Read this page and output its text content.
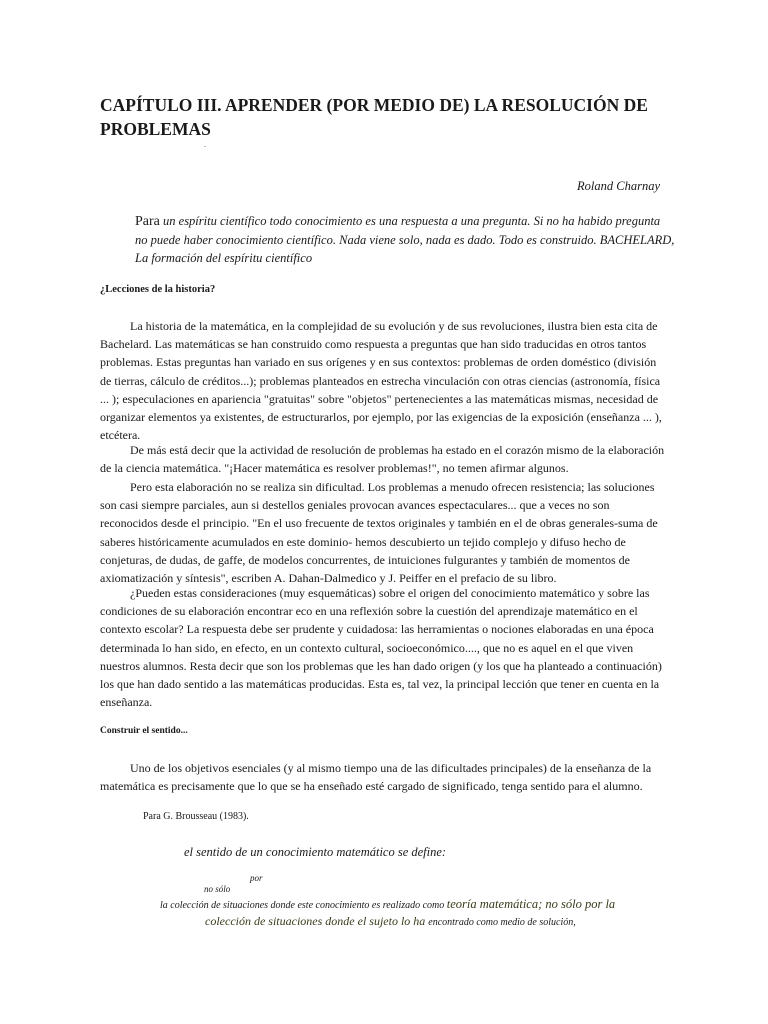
CAPÍTULO III. APRENDER (POR MEDIO DE) LA RESOLUCIÓN DE PROBLEMAS
.

Roland Charnay

Para un espíritu científico todo conocimiento es una respuesta a una pregunta. Si no ha habido pregunta no puede haber conocimiento científico. Nada viene solo, nada es dado. Todo es construido. BACHELARD, La formación del espíritu científico

¿Lecciones de la historia?

La historia de la matemática, en la complejidad de su evolución y de sus revoluciones, ilustra bien esta cita de Bachelard. Las matemáticas se han construido como respuesta a preguntas que han sido traducidas en otros tantos problemas. Estas preguntas han variado en sus orígenes y en sus contextos: problemas de orden doméstico (división de tierras, cálculo de créditos...); problemas planteados en estrecha vinculación con otras ciencias (astronomía, física ... ); especulaciones en apariencia "gratuitas" sobre "objetos" pertenecientes a las matemáticas mismas, necesidad de organizar elementos ya existentes, de estructurarlos, por ejemplo, por las exigencias de la exposición (enseñanza ... ), etcétera.

De más está decir que la actividad de resolución de problemas ha estado en el corazón mismo de la elaboración de la ciencia matemática. "¡Hacer matemática es resolver problemas!", no temen afirmar algunos.

Pero esta elaboración no se realiza sin dificultad. Los problemas a menudo ofrecen resistencia; las soluciones son casi siempre parciales, aun si destellos geniales provocan avances espectaculares... que a veces no son reconocidos desde el principio. "En el uso frecuente de textos originales y también en el de obras generales-suma de saberes históricamente acumulados en este dominio- hemos descubierto un tejido complejo y difuso hecho de conjeturas, de dudas, de gaffe, de modelos concurrentes, de intuiciones fulgurantes y también de momentos de axiomatización y síntesis", escriben A. Dahan-Dalmedico y J. Peiffer en el prefacio de su libro.

¿Pueden estas consideraciones (muy esquemáticas) sobre el origen del conocimiento matemático y sobre las condiciones de su elaboración encontrar eco en una reflexión sobre la cuestión del aprendizaje matemático en el contexto escolar? La respuesta debe ser prudente y cuidadosa: las herramientas o nociones elaboradas en una época determinada lo han sido, en efecto, en un contexto cultural, socioeconómico...., que no es aquel en el que viven nuestros alumnos. Resta decir que son los problemas que les han dado origen (y los que ha planteado a continuación) los que han dado sentido a las matemáticas producidas. Esta es, tal vez, la principal lección que tener en cuenta en la enseñanza.

Construir el sentido...

Uno de los objetivos esenciales (y al mismo tiempo una de las dificultades principales) de la enseñanza de la matemática es precisamente que lo que se ha enseñado esté cargado de significado, tenga sentido para el alumno.

Para G. Brousseau (1983).

el sentido de un conocimiento matemático se define:

por

no sólo

la colección de situaciones donde este conocimiento es realizado como teoría matemática; no sólo por la

colección de situaciones donde el sujeto lo ha encontrado como medio de solución,
